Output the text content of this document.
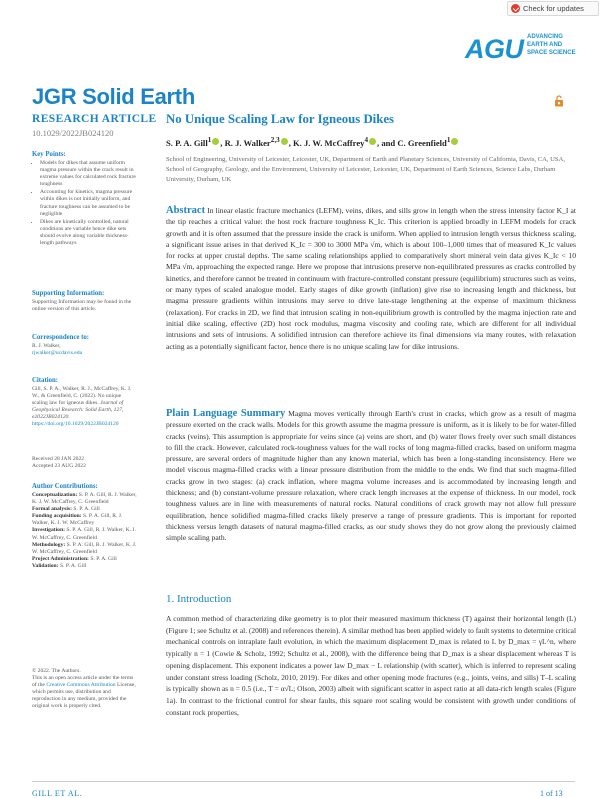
Check for updates
AGU ADVANCING
EARTH AND
SPACE SCIENCE
JGR Solid Earth
RESEARCH ARTICLE
10.1029/2022JB024120
Key Points:
• Models for dikes that assume uniform magma pressure within the crack result in extreme values for calculated rock fracture toughness
• Accounting for kinetics, magma pressure within dikes is not initially uniform, and fracture toughness can be assumed to be negligible
• Dikes are kinetically controlled, natural conditions are variable hence dike sets should evolve along variable thickness-length pathways
Supporting Information:
Supporting Information may be found in the online version of this article.
Correspondence to:
R. J. Walker,
rjwalker@ucdavis.edu
Citation:
Gill, S. P. A., Walker, R. J., McCaffrey, K. J. W., & Greenfield, C. (2022). No unique scaling law for igneous dikes. Journal of Geophysical Research: Solid Earth, 127, e2022JB024120. https://doi.org/10.1029/2022JB024120
Received 28 JAN 2022
Accepted 23 AUG 2022
Author Contributions:
Conceptualization: S. P. A. Gill, R. J. Walker, K. J. W. McCaffrey, C. Greenfield
Formal analysis: S. P. A. Gill
Funding acquisition: S. P. A. Gill, R. J. Walker, K. J. W. McCaffrey
Investigation: S. P. A. Gill, R. J. Walker, K. J. W. McCaffrey, C. Greenfield
Methodology: S. P. A. Gill, R. J. Walker, K. J. W. McCaffrey, C. Greenfield
Project Administration: S. P. A. Gill
Validation: S. P. A. Gill
© 2022. The Authors.
This is an open access article under the terms of the Creative Commons Attribution License, which permits use, distribution and reproduction in any medium, provided the original work is properly cited.
No Unique Scaling Law for Igneous Dikes
S. P. A. Gill$^1$ , R. J. Walker$^{2,3}$ , K. J. W. McCaffrey$^4$ , and C. Greenfield$^1$
School of Engineering, University of Leicester, Leicester, UK, Department of Earth and Planetary Sciences, University of California, Davis, CA, USA, School of Geography, Geology, and the Environment, University of Leicester, Leicester, UK, Department of Earth Sciences, Science Labs, Durham University, Durham, UK
Abstract In linear elastic fracture mechanics (LEFM), veins, dikes, and sills grow in length when the stress intensity factor K_I at the tip reaches a critical value: the host rock fracture toughness K_Ic. This criterion is applied broadly in LEFM models for crack growth and it is often assumed that the pressure inside the crack is uniform. When applied to intrusion length versus thickness scaling, a significant issue arises in that derived K_Ic = 300 to 3000 MPa √m, which is about 100–1,000 times that of measured K_Ic values for rocks at upper crustal depths. The same scaling relationships applied to comparatively short mineral vein data gives K_Ic < 10 MPa √m, approaching the expected range. Here we propose that intrusions preserve non-equilibrated pressures as cracks controlled by kinetics, and therefore cannot be treated in continuum with fracture-controlled constant pressure (equilibrium) structures such as veins, or many types of scaled analogue model. Early stages of dike growth (inflation) give rise to increasing length and thickness, but magma pressure gradients within intrusions may serve to drive late-stage lengthening at the expense of maximum thickness (relaxation). For cracks in 2D, we find that intrusion scaling in non-equilibrium growth is controlled by the magma injection rate and initial dike scaling, effective (2D) host rock modulus, magma viscosity and cooling rate, which are different for all individual intrusions and sets of intrusions. A solidified intrusion can therefore achieve its final dimensions via many routes, with relaxation acting as a potentially significant factor, hence there is no unique scaling law for dike intrusions.
Plain Language Summary Magma moves vertically through Earth's crust in cracks, which grow as a result of magma pressure exerted on the crack walls. Models for this growth assume the magma pressure is uniform, as it is likely to be for water-filled cracks (veins). This assumption is appropriate for veins since (a) veins are short, and (b) water flows freely over such small distances to fill the crack. However, calculated rock-toughness values for the wall rocks of long magma-filled cracks, based on uniform magma pressure, are several orders of magnitude higher than any known material, which has been a long-standing inconsistency. Here we model viscous magma-filled cracks with a linear pressure distribution from the middle to the ends. We find that such magma-filled cracks grow in two stages: (a) crack inflation, where magma volume increases and is accommodated by increasing length and thickness; and (b) constant-volume pressure relaxation, where crack length increases at the expense of thickness. In our model, rock toughness values are in line with measurements of natural rocks. Natural conditions of crack growth may not allow full pressure equilibration, hence solidified magma-filled cracks likely preserve a range of pressure gradients. This is important for reported thickness versus length datasets of natural magma-filled cracks, as our study shows they do not grow along the previously claimed simple scaling path.
1. Introduction
A common method of characterizing dike geometry is to plot their measured maximum thickness (T) against their horizontal length (L) (Figure 1; see Schultz et al. (2008) and references therein). A similar method has been applied widely to fault systems to determine critical mechanical controls on intraplate fault evolution, in which the maximum displacement D_max is related to L by D_max = γL^n, where typically n = 1 (Cowie & Scholz, 1992; Schultz et al., 2008), with the difference being that D_max is a shear displacement whereas T is opening displacement. This exponent indicates a power law D_max − L relationship (with scatter), which is inferred to represent scaling under constant stress loading (Scholz, 2010, 2019). For dikes and other opening mode fractures (e.g., joints, veins, and sills) T–L scaling is typically shown as n = 0.5 (i.e., T = α√L; Olson, 2003) albeit with significant scatter in aspect ratio at all data-rich length scales (Figure 1a). In contrast to the frictional control for shear faults, this square root scaling would be consistent with growth under conditions of constant rock properties,
GILL ET AL.	1 of 13
